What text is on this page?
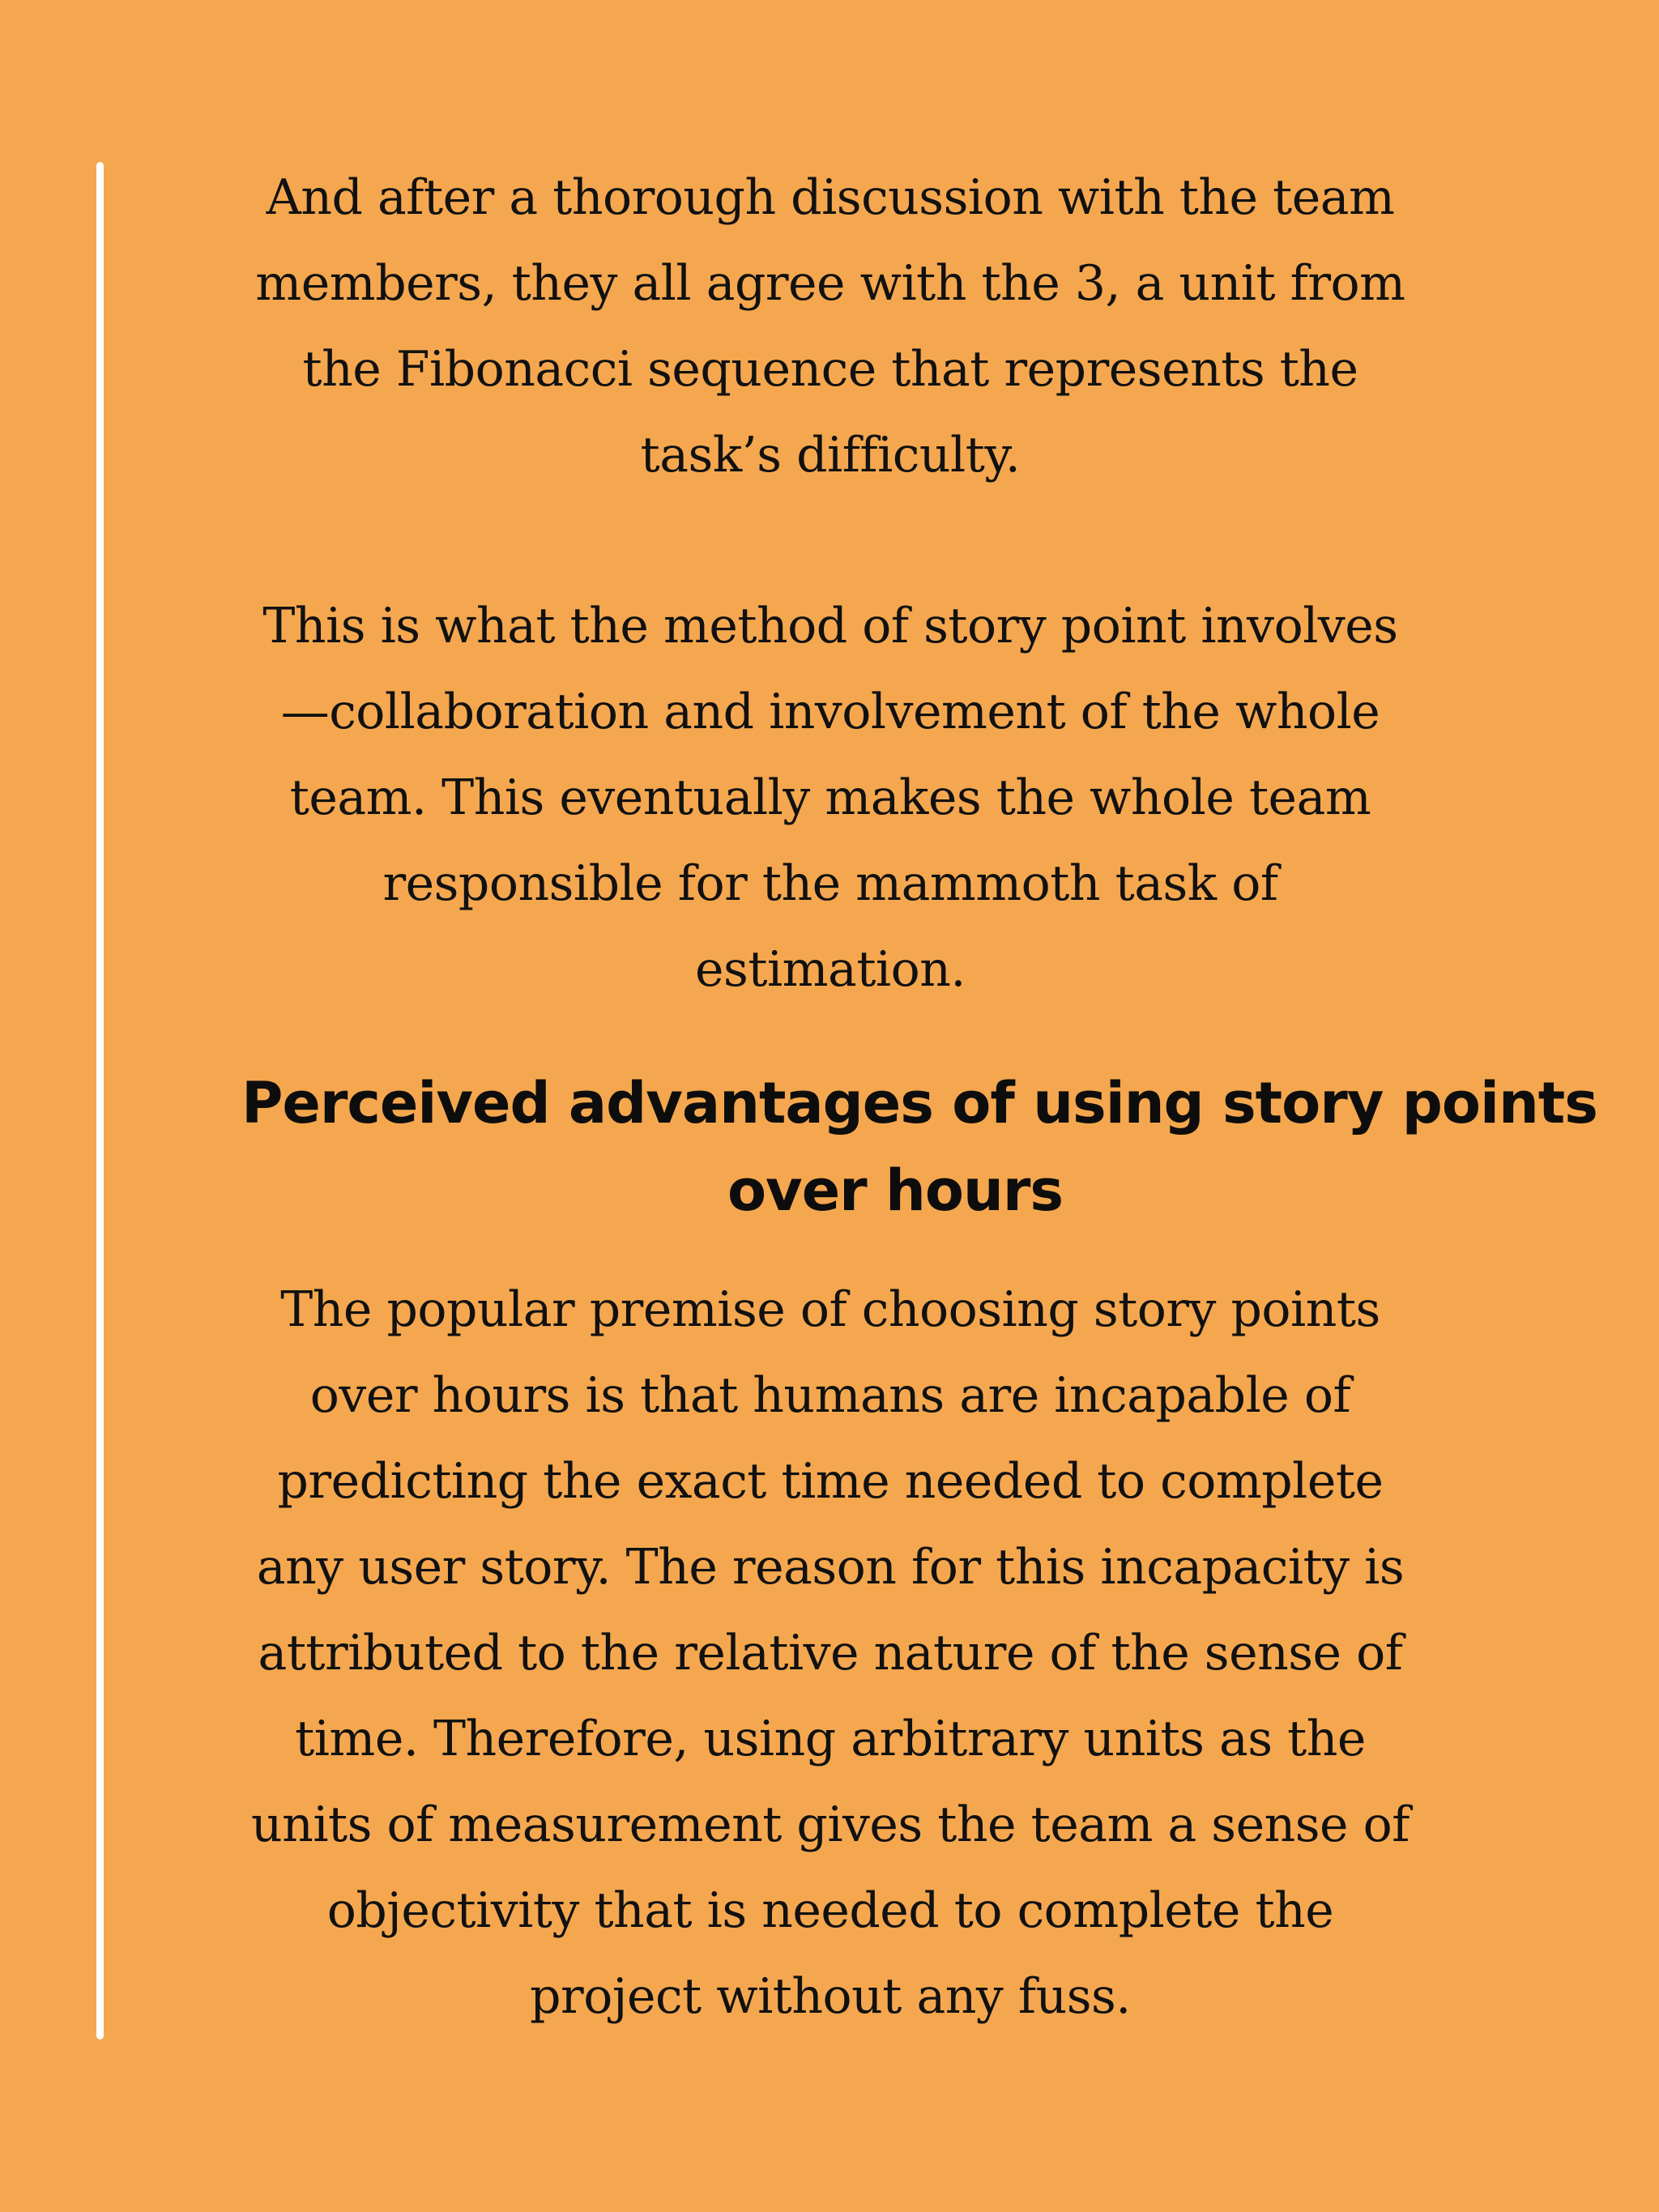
And after a thorough discussion with the team
members, they all agree with the 3, a unit from
the Fibonacci sequence that represents the
task’s difficulty.

This is what the method of story point involves
—collaboration and involvement of the whole
team. This eventually makes the whole team
responsible for the mammoth task of
estimation.

Perceived advantages of using story points
over hours

The popular premise of choosing story points
over hours is that humans are incapable of
predicting the exact time needed to complete
any user story. The reason for this incapacity is
attributed to the relative nature of the sense of
time. Therefore, using arbitrary units as the
units of measurement gives the team a sense of
objectivity that is needed to complete the
project without any fuss.
